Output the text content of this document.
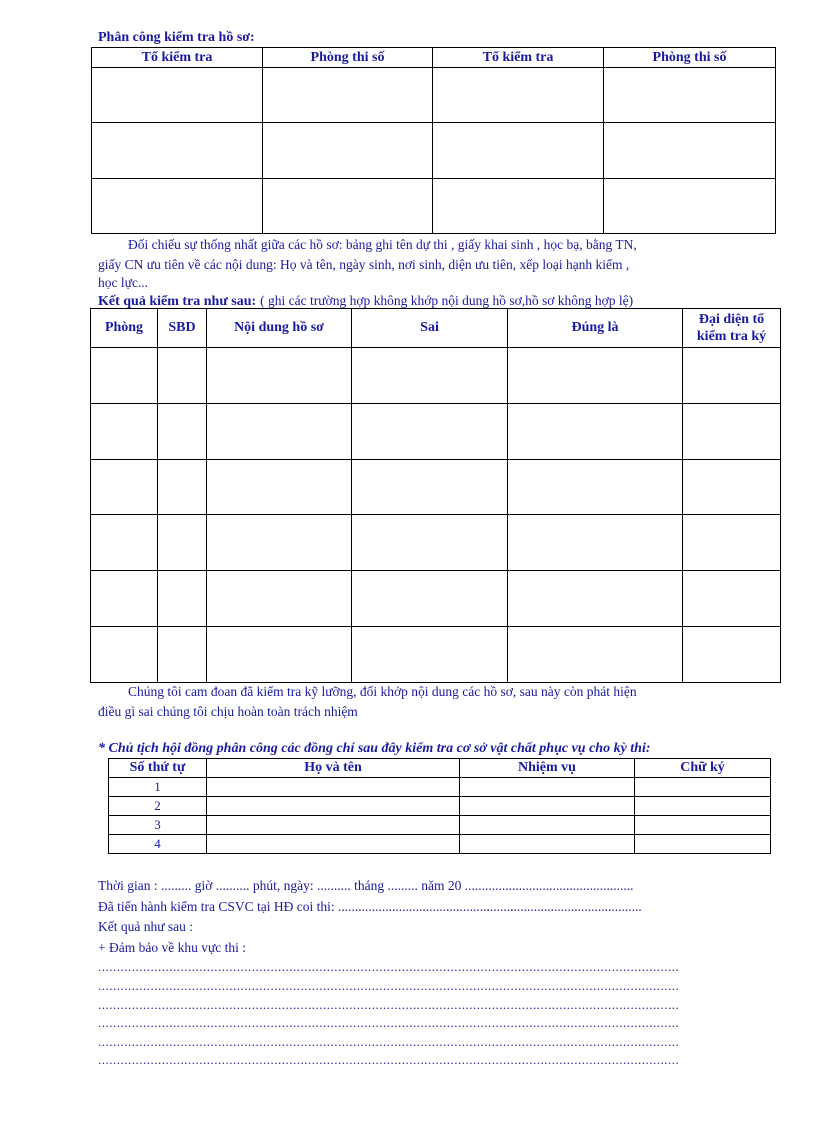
Phân công kiểm tra hồ sơ:
Tổ kiểm tra	Phòng thi số	Tổ kiểm tra	Phòng thi số

Đối chiếu sự thống nhất giữa các hồ sơ: bảng ghi tên dự thi , giấy khai sinh , học bạ, bằng TN,
giấy CN ưu tiên về các nội dung: Họ và tên, ngày sinh, nơi sinh, diện ưu tiên, xếp loại hạnh kiểm ,
học lực...
Kết quả kiểm tra như sau: ( ghi các trường hợp không khớp nội dung hồ sơ,hồ sơ không hợp lệ)
Phòng	SBD	Nội dung hồ sơ	Sai	Đúng là	Đại diện tổ kiểm tra ký

Chúng tôi cam đoan đã kiểm tra kỹ lưỡng, đối khớp nội dung các hồ sơ, sau này còn phát hiện
điều gì sai chúng tôi chịu hoàn toàn trách nhiệm
* Chủ tịch hội đồng phân công các đồng chí sau đây kiểm tra cơ sở vật chất phục vụ cho kỳ thi:
Số thứ tự	Họ và tên	Nhiệm vụ	Chữ ký
1			
2			
3			
4			
Thời gian : ......... giờ .......... phút, ngày: .......... tháng ......... năm 20 ..................................................
Đã tiến hành kiểm tra CSVC tại HĐ coi thi: ..........................................................................................
Kết quả như sau :
+ Đảm bảo về khu vực thi :
...........................................................................................................................................................
...........................................................................................................................................................
...........................................................................................................................................................
...........................................................................................................................................................
...........................................................................................................................................................
...........................................................................................................................................................
